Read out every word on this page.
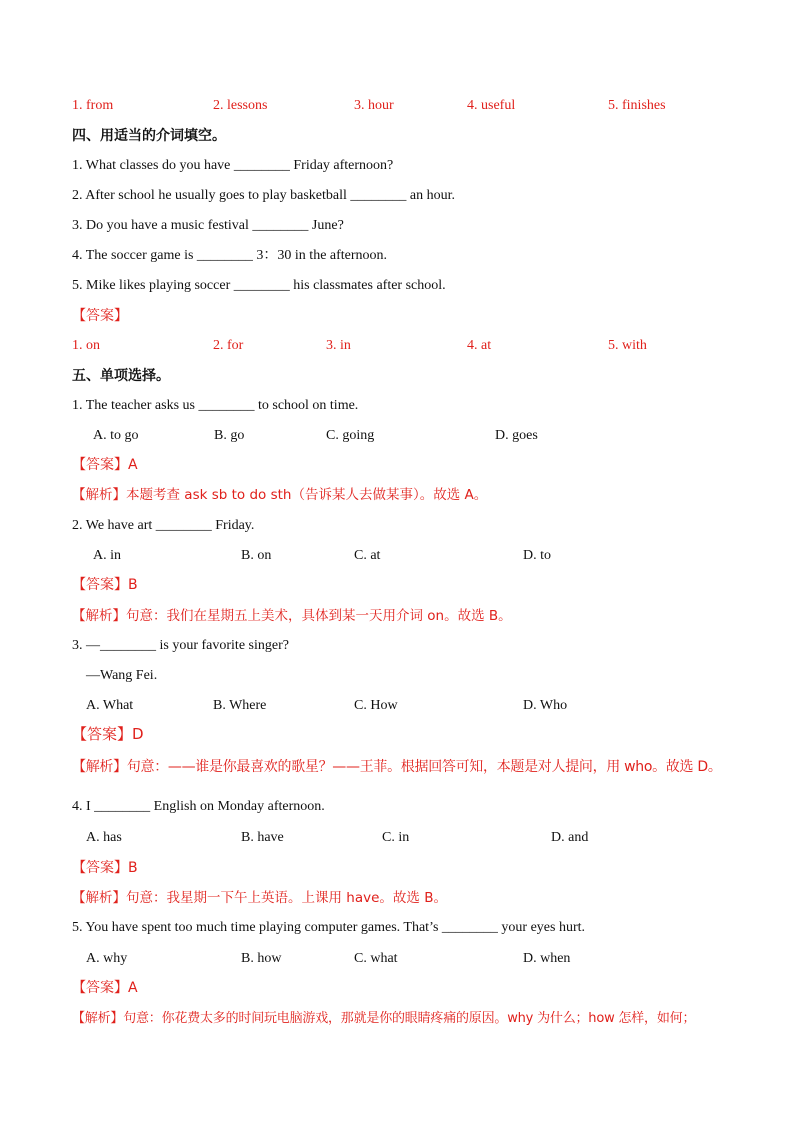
1. from	2. lessons	3. hour	4. useful	5. finishes
四、用适当的介词填空。
1. What classes do you have ________ Friday afternoon?
2. After school he usually goes to play basketball ________ an hour.
3. Do you have a music festival ________ June?
4. The soccer game is ________ 3：30 in the afternoon.
5. Mike likes playing soccer ________ his classmates after school.
【答案】
1. on	2. for	3. in	4. at	5. with
五、单项选择。
1. The teacher asks us ________ to school on time.
A. to go	B. go	C. going	D. goes
【答案】A
【解析】本题考查 ask sb to do sth（告诉某人去做某事）。故选 A。
2. We have art ________ Friday.
A. in	B. on	C. at	D. to
【答案】B
【解析】句意：我们在星期五上美术，具体到某一天用介词 on。故选 B。
3. —________ is your favorite singer?
—Wang Fei.
A. What	B. Where	C. How	D. Who
【答案】D
【解析】句意：——谁是你最喜欢的歌星？——王菲。根据回答可知，本题是对人提问，用 who。故选 D。
4. I ________ English on Monday afternoon.
A. has	B. have	C. in	D. and
【答案】B
【解析】句意：我星期一下午上英语。上课用 have。故选 B。
5. You have spent too much time playing computer games. That’s ________ your eyes hurt.
A. why	B. how	C. what	D. when
【答案】A
【解析】句意：你花费太多的时间玩电脑游戏，那就是你的眼睛疼痛的原因。why 为什么；how 怎样，如何；
